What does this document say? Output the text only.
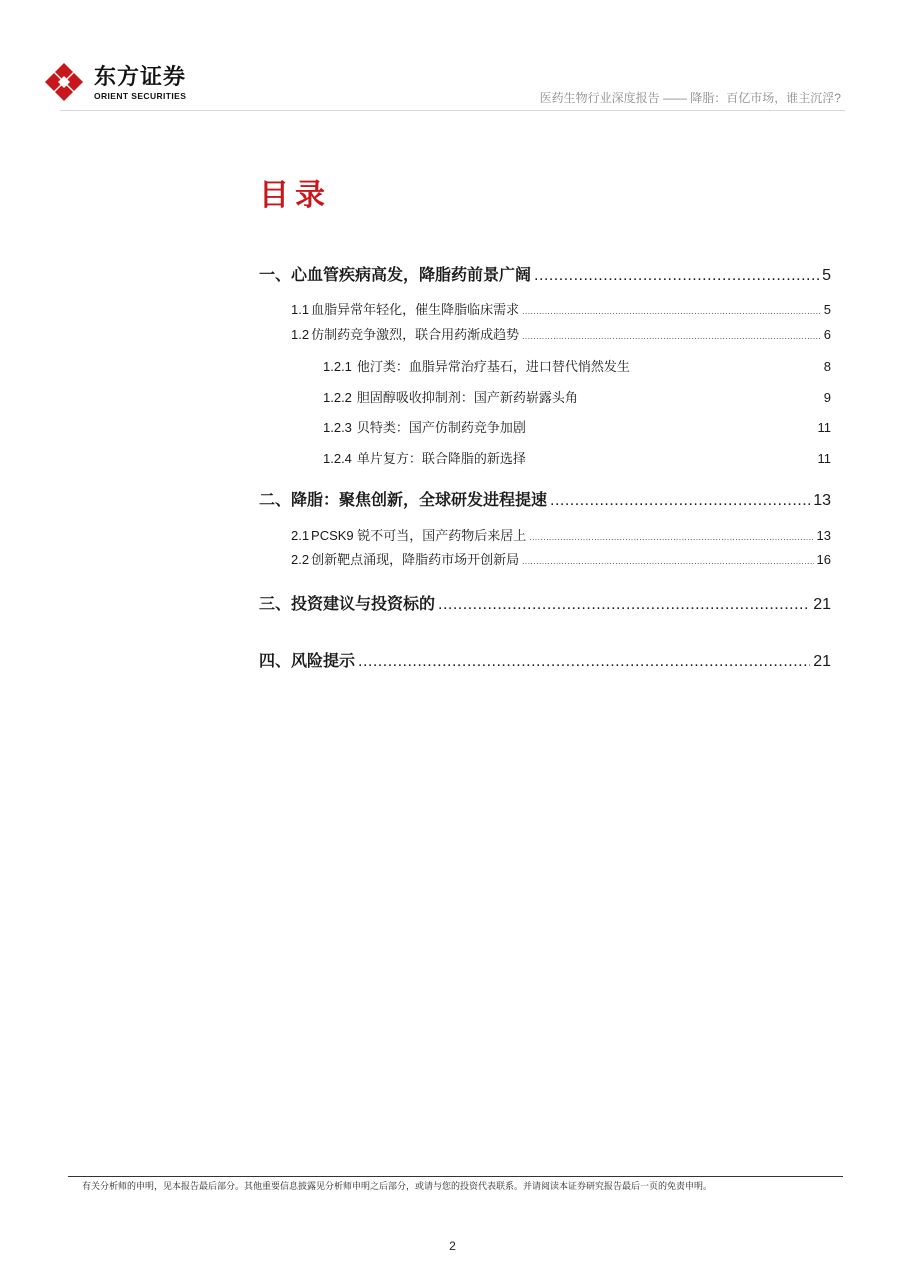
东方证券
ORIENT SECURITIES	医药生物行业深度报告 —— 降脂：百亿市场，谁主沉浮?
目录
一、心血管疾病高发，降脂药前景广阔 .....	5
1.1 血脂异常年轻化，催生降脂临床需求 .....	5
1.2 仿制药竞争激烈，联合用药渐成趋势 .....	6
1.2.1 他汀类：血脂异常治疗基石，进口替代悄然发生	8
1.2.2 胆固醇吸收抑制剂：国产新药崭露头角	9
1.2.3 贝特类：国产仿制药竞争加剧	11
1.2.4 单片复方：联合降脂的新选择	11
二、降脂：聚焦创新，全球研发进程提速 .....	13
2.1 PCSK9 锐不可当，国产药物后来居上 .....	13
2.2 创新靶点涌现，降脂药市场开创新局 .....	16
三、投资建议与投资标的 .....	21
四、风险提示 .....	21
有关分析师的申明，见本报告最后部分。其他重要信息披露见分析师申明之后部分，或请与您的投资代表联系。并请阅读本证券研究报告最后一页的免责申明。
2
